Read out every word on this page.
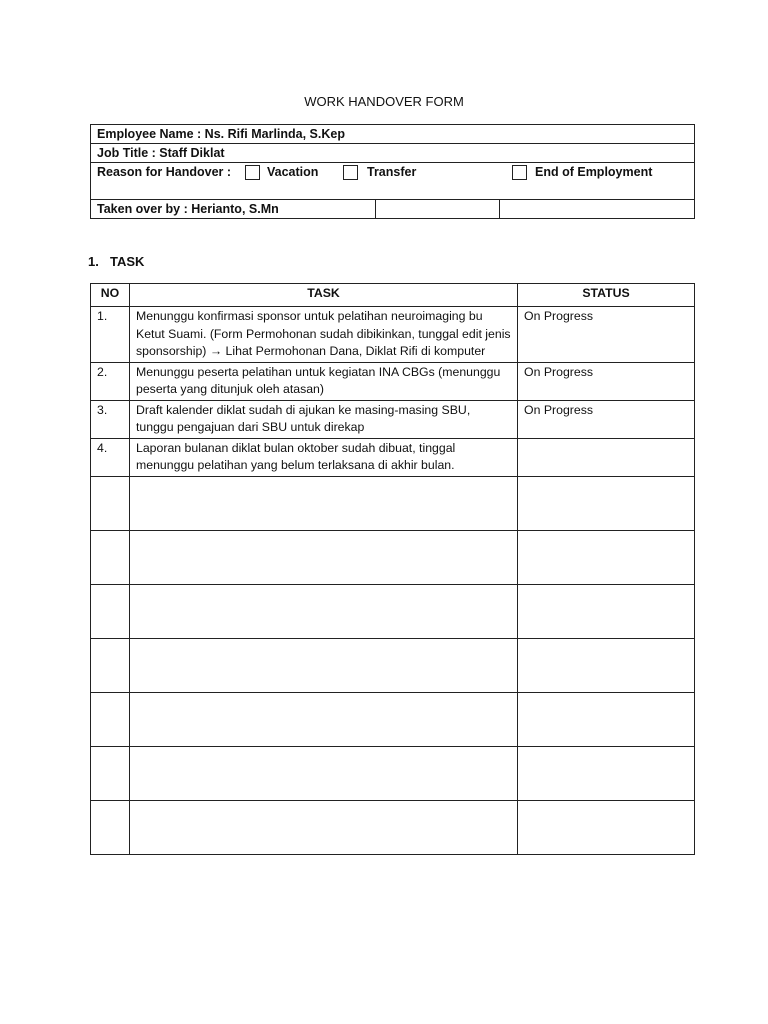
WORK HANDOVER FORM
Employee Name : Ns. Rifi Marlinda, S.Kep
Job Title : Staff Diklat

Reason for Handover :	Vacation	Transfer	End of Employment

Taken over by : Herianto, S.Mn		
1. TASK
NO	TASK	STATUS
1.	Menunggu konfirmasi sponsor untuk pelatihan neuroimaging bu Ketut Suami. (Form Permohonan sudah dibikinkan, tunggal edit jenis sponsorship) → Lihat Permohonan Dana, Diklat Rifi di komputer	On Progress
2.	Menunggu peserta pelatihan untuk kegiatan INA CBGs (menunggu peserta yang ditunjuk oleh atasan)	On Progress
3.	Draft kalender diklat sudah di ajukan ke masing-masing SBU, tunggu pengajuan dari SBU untuk direkap	On Progress
4.	Laporan bulanan diklat bulan oktober sudah dibuat, tinggal menunggu pelatihan yang belum terlaksana di akhir bulan.	
